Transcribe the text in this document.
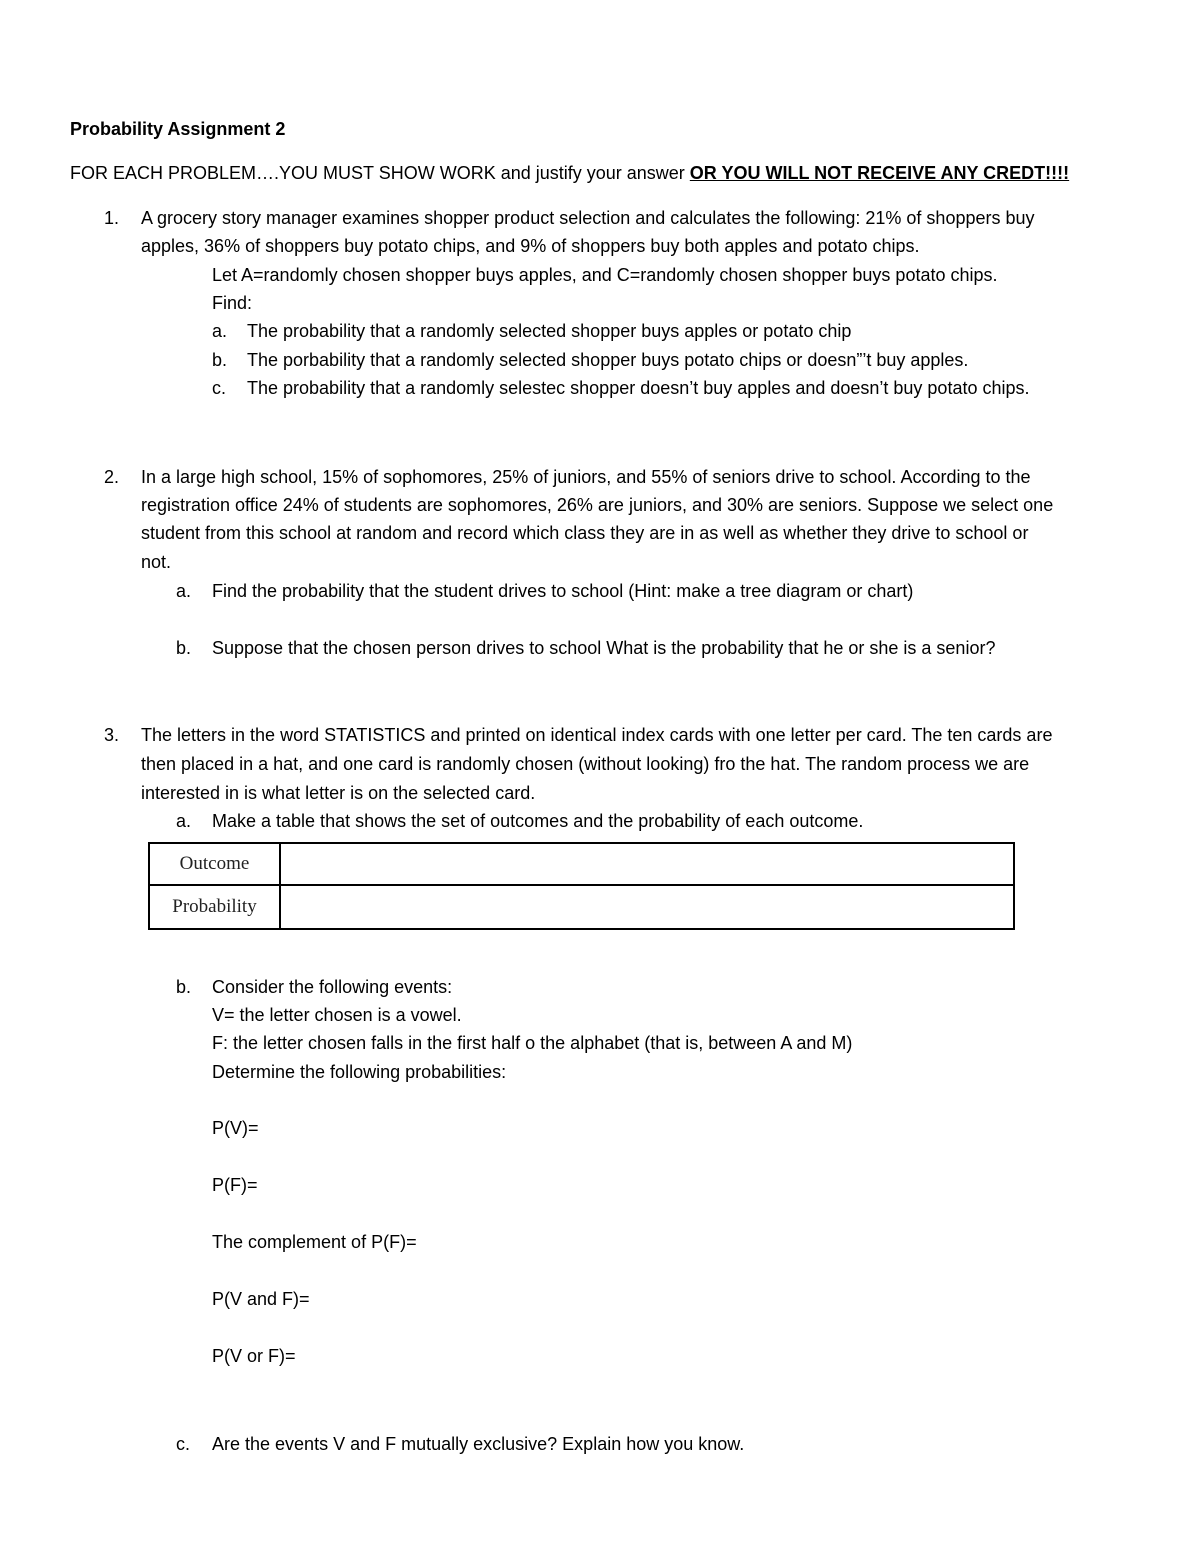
Probability Assignment 2
FOR EACH PROBLEM….YOU MUST SHOW WORK and justify your answer OR YOU WILL NOT RECEIVE ANY CREDT!!!!
1. A grocery story manager examines shopper product selection and calculates the following: 21% of shoppers buy
apples, 36% of shoppers buy potato chips, and 9% of shoppers buy both apples and potato chips.
Let A=randomly chosen shopper buys apples, and C=randomly chosen shopper buys potato chips.
Find:
a. The probability that a randomly selected shopper buys apples or potato chip
b. The porbability that a randomly selected shopper buys potato chips or doesn”’t buy apples.
c. The probability that a randomly selestec shopper doesn’t buy apples and doesn’t buy potato chips.
2. In a large high school, 15% of sophomores, 25% of juniors, and 55% of seniors drive to school. According to the
registration office 24% of students are sophomores, 26% are juniors, and 30% are seniors. Suppose we select one
student from this school at random and record which class they are in as well as whether they drive to school or
not.
a. Find the probability that the student drives to school (Hint: make a tree diagram or chart)
b. Suppose that the chosen person drives to school What is the probability that he or she is a senior?
3. The letters in the word STATISTICS and printed on identical index cards with one letter per card. The ten cards are
then placed in a hat, and one card is randomly chosen (without looking) fro the hat. The random process we are
interested in is what letter is on the selected card.
a. Make a table that shows the set of outcomes and the probability of each outcome.
Outcome	
Probability	
b. Consider the following events:
V= the letter chosen is a vowel.
F: the letter chosen falls in the first half o the alphabet (that is, between A and M)
Determine the following probabilities:
P(V)=
P(F)=
The complement of P(F)=
P(V and F)=
P(V or F)=
c. Are the events V and F mutually exclusive? Explain how you know.
